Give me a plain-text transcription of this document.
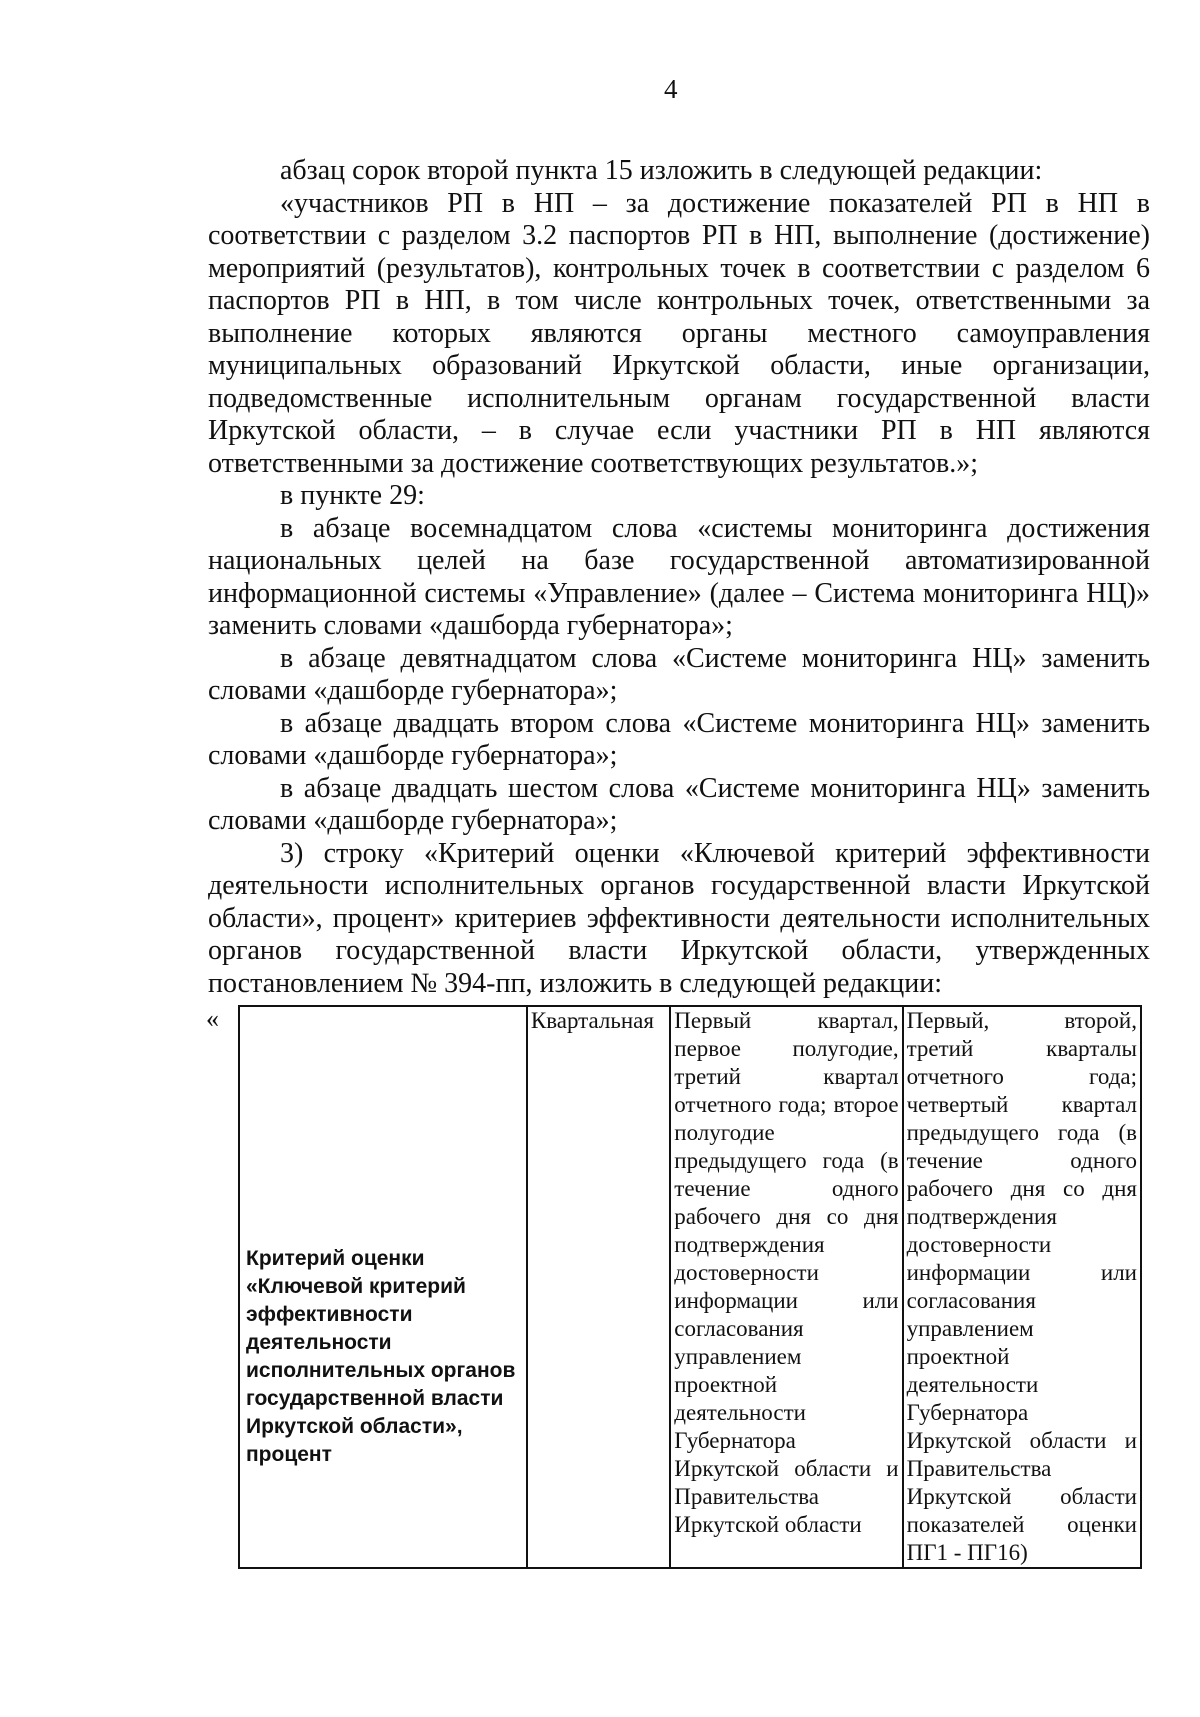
4

абзац сорок второй пункта 15 изложить в следующей редакции:

«участников РП в НП – за достижение показателей РП в НП в соответствии с разделом 3.2 паспортов РП в НП, выполнение (достижение) мероприятий (результатов), контрольных точек в соответствии с разделом 6 паспортов РП в НП, в том числе контрольных точек, ответственными за выполнение которых являются органы местного самоуправления муниципальных образований Иркутской области, иные организации, подведомственные исполнительным органам государственной власти Иркутской области, – в случае если участники РП в НП являются ответственными за достижение соответствующих результатов.»;

в пункте 29:

в абзаце восемнадцатом слова «системы мониторинга достижения национальных целей на базе государственной автоматизированной информационной системы «Управление» (далее – Система мониторинга НЦ)» заменить словами «дашборда губернатора»;

в абзаце девятнадцатом слова «Системе мониторинга НЦ» заменить словами «дашборде губернатора»;

в абзаце двадцать втором слова «Системе мониторинга НЦ» заменить словами «дашборде губернатора»;

в абзаце двадцать шестом слова «Системе мониторинга НЦ» заменить словами «дашборде губернатора»;

3) строку «Критерий оценки «Ключевой критерий эффективности деятельности исполнительных органов государственной власти Иркутской области», процент» критериев эффективности деятельности исполнительных органов государственной власти Иркутской области, утвержденных постановлением № 394-пп, изложить в следующей редакции:

«
Критерий оценки «Ключевой критерий эффективности деятельности исполнительных органов государственной власти Иркутской области», процент	Квартальная	Первый квартал, первое полугодие, третий квартал отчетного года; второе полугодие предыдущего года (в течение одного рабочего дня со дня подтверждения достоверности информации или согласования управлением проектной деятельности Губернатора Иркутской области и Правительства Иркутской области	Первый, второй, третий кварталы отчетного года; четвертый квартал предыдущего года (в течение одного рабочего дня со дня подтверждения достоверности информации или согласования управлением проектной деятельности Губернатора Иркутской области и Правительства Иркутской области показателей оценки ПГ1 - ПГ16)
